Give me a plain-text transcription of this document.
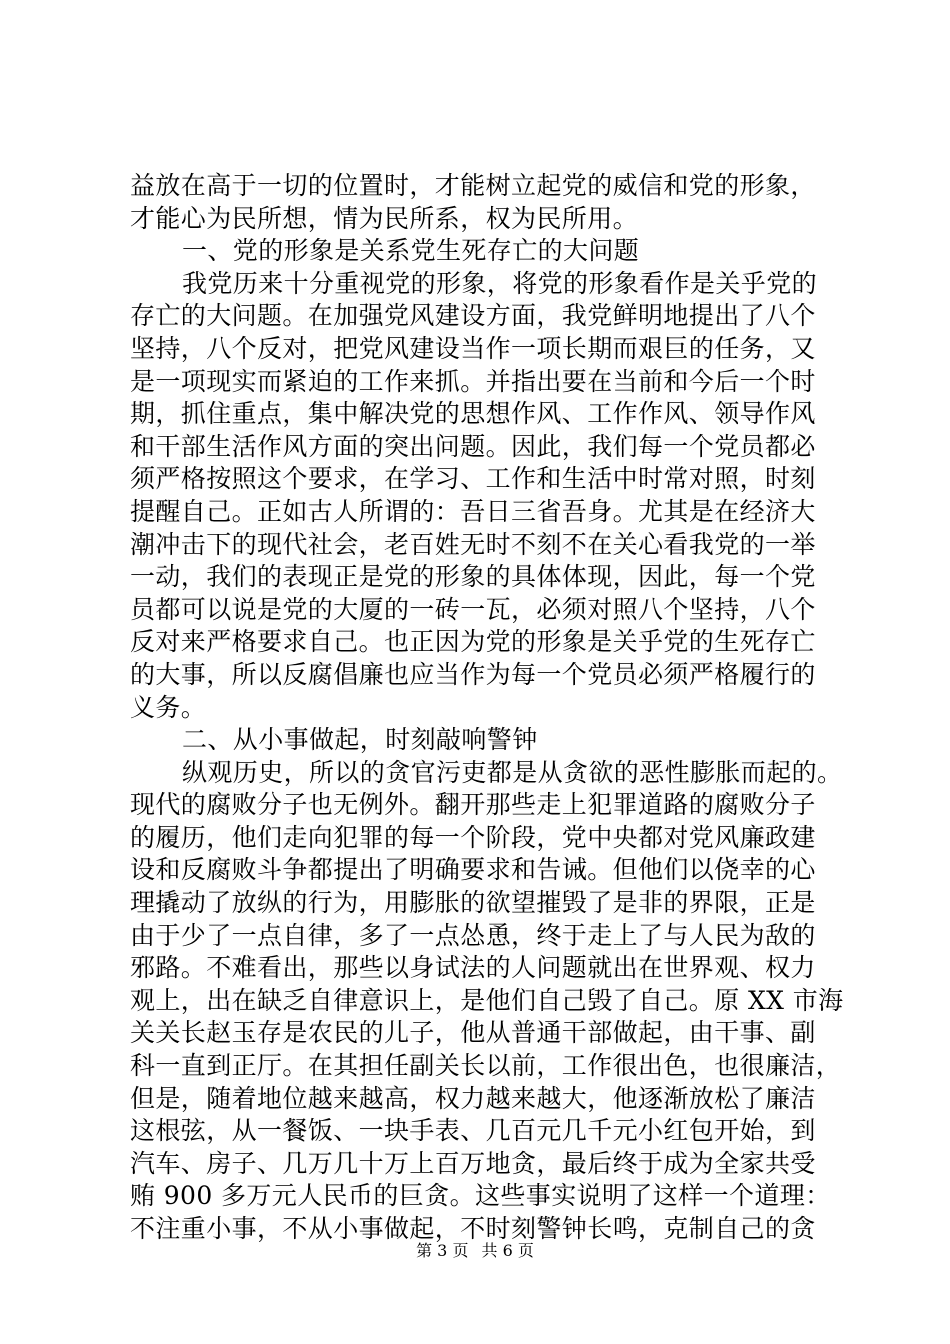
益放在高于一切的位置时，才能树立起党的威信和党的形象，
才能心为民所想，情为民所系，权为民所用。
一、党的形象是关系党生死存亡的大问题
我党历来十分重视党的形象，将党的形象看作是关乎党的
存亡的大问题。在加强党风建设方面，我党鲜明地提出了八个
坚持，八个反对，把党风建设当作一项长期而艰巨的任务，又
是一项现实而紧迫的工作来抓。并指出要在当前和今后一个时
期，抓住重点，集中解决党的思想作风、工作作风、领导作风
和干部生活作风方面的突出问题。因此，我们每一个党员都必
须严格按照这个要求，在学习、工作和生活中时常对照，时刻
提醒自己。正如古人所谓的：吾日三省吾身。尤其是在经济大
潮冲击下的现代社会，老百姓无时不刻不在关心看我党的一举
一动，我们的表现正是党的形象的具体体现，因此，每一个党
员都可以说是党的大厦的一砖一瓦，必须对照八个坚持，八个
反对来严格要求自己。也正因为党的形象是关乎党的生死存亡
的大事，所以反腐倡廉也应当作为每一个党员必须严格履行的
义务。
二、从小事做起，时刻敲响警钟
纵观历史，所以的贪官污吏都是从贪欲的恶性膨胀而起的。
现代的腐败分子也无例外。翻开那些走上犯罪道路的腐败分子
的履历，他们走向犯罪的每一个阶段，党中央都对党风廉政建
设和反腐败斗争都提出了明确要求和告诫。但他们以侥幸的心
理撬动了放纵的行为，用膨胀的欲望摧毁了是非的界限，正是
由于少了一点自律，多了一点怂恿，终于走上了与人民为敌的
邪路。不难看出，那些以身试法的人问题就出在世界观、权力
观上，出在缺乏自律意识上，是他们自己毁了自己。原 XX 市海
关关长赵玉存是农民的儿子，他从普通干部做起，由干事、副
科一直到正厅。在其担任副关长以前，工作很出色，也很廉洁，
但是，随着地位越来越高，权力越来越大，他逐渐放松了廉洁
这根弦，从一餐饭、一块手表、几百元几千元小红包开始，到
汽车、房子、几万几十万上百万地贪，最后终于成为全家共受
贿 900 多万元人民币的巨贪。这些事实说明了这样一个道理：
不注重小事，不从小事做起，不时刻警钟长鸣，克制自己的贪
第 3 页 共 6 页
